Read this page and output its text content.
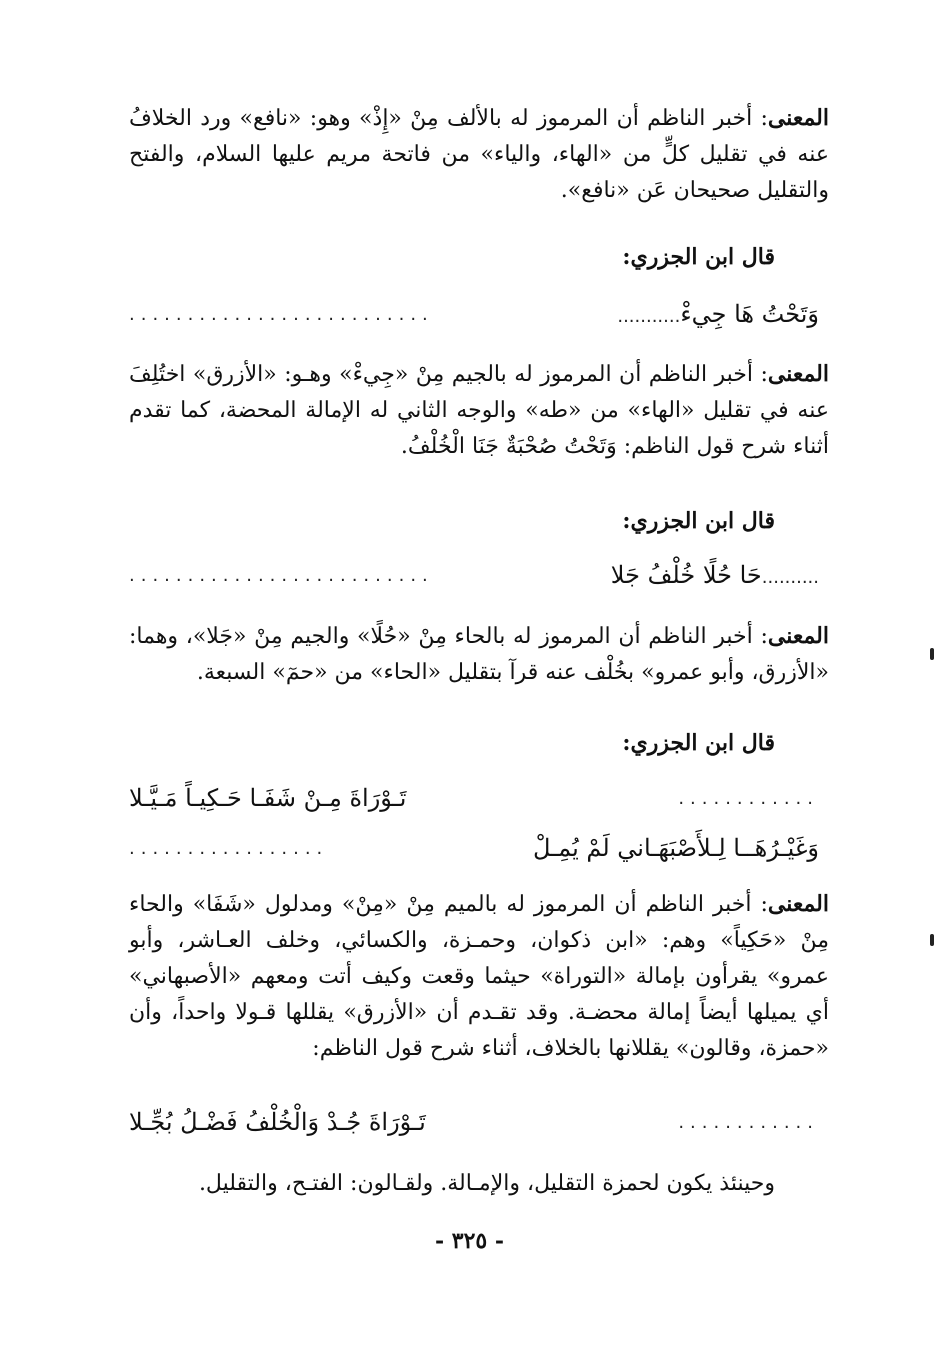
المعنى: أخبر الناظم أن المرموز له بالألف مِنْ «إِذْ» وهو: «نافع» ورد الخلافُ عنه في تقليل كلٍّ من «الهاء، والياء» من فاتحة مريم عليها السلام، والفتح والتقليل صحيحان عَن «نافع».

قال ابن الجزري:

وَتَحْتُ هَا جِيءْ...........
..........................

المعنى: أخبر الناظم أن المرموز له بالجيم مِنْ «جِيءْ» وهـو: «الأزرق» اختُلِفَ عنه في تقليل «الهاء» من «طه» والوجه الثاني له الإمالة المحضة، كما تقدم أثناء شرح قول الناظم: وَتَحْتُ صُحْبَةٌ جَنَا الْخُلْفُ.

قال ابن الجزري:

..........حَا حُلًا خُلْفُ جَلا
..........................

المعنى: أخبر الناظم أن المرموز له بالحاء مِنْ «حُلًا» والجيم مِنْ «جَلا»، وهما: «الأزرق، وأبو عمرو» بخُلْف عنه قرآ بتقليل «الحاء» من «حمٓ» السبعة.

قال ابن الجزري:

............
تَـوْرَاةَ مِـنْ شَفَـا حَـكِيـاً مَـيَّـلا
وَغَيْـرُهَــا لِـلأَصْبَهَـاني لَمْ يُمِـلْ
.................

المعنى: أخبر الناظم أن المرموز له بالميم مِنْ «مِنْ» ومدلول «شَفَا» والحاء مِنْ «حَكِياً» وهم: «ابن ذكوان، وحمـزة، والكسائي، وخلف العـاشر، وأبو عمرو» يقرأون بإمالة «التوراة» حيثما وقعت وكيف أتت ومعهم «الأصبهاني» أي يميلها أيضاً إمالة محضـة. وقد تقـدم أن «الأزرق» يقللها قـولا واحداً، وأن «حمزة، وقالون» يقللانها بالخلاف، أثناء شرح قول الناظم:

............
تَـوْرَاةَ جُـدْ وَالْخُلْفُ فَضْـلُ بُجِّـلا

وحينئذ يكون لحمزة التقليل، والإمـالة. ولقـالون: الفتـح، والتقليل.

- ٣٢٥ -
